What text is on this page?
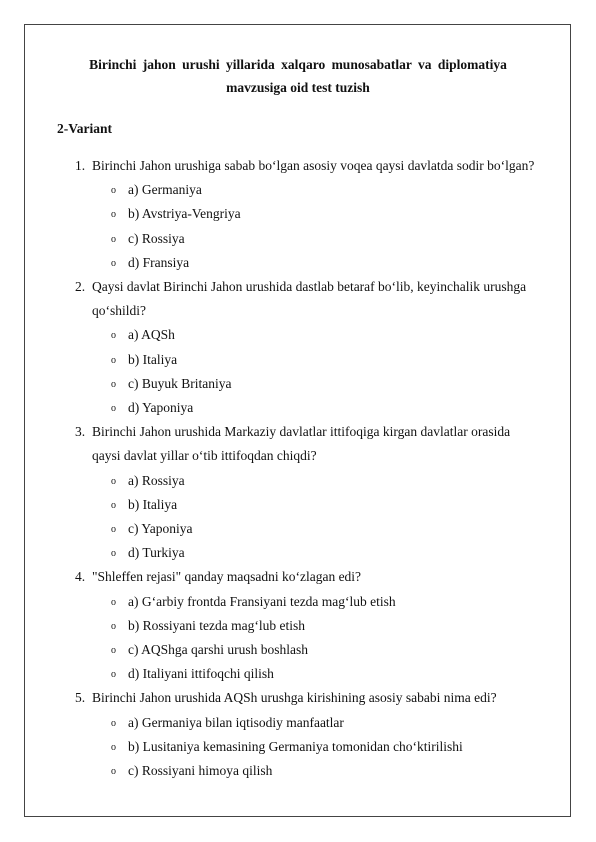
Birinchi jahon urushi yillarida xalqaro munosabatlar va diplomatiya
mavzusiga oid test tuzish
2-Variant
1. Birinchi Jahon urushiga sabab bo‘lgan asosiy voqea qaysi davlatda sodir bo‘lgan?
o a) Germaniya
o b) Avstriya-Vengriya
o c) Rossiya
o d) Fransiya
2. Qaysi davlat Birinchi Jahon urushida dastlab betaraf bo‘lib, keyinchalik urushga
qo‘shildi?
o a) AQSh
o b) Italiya
o c) Buyuk Britaniya
o d) Yaponiya
3. Birinchi Jahon urushida Markaziy davlatlar ittifoqiga kirgan davlatlar orasida
qaysi davlat yillar o‘tib ittifoqdan chiqdi?
o a) Rossiya
o b) Italiya
o c) Yaponiya
o d) Turkiya
4. "Shleffen rejasi" qanday maqsadni ko‘zlagan edi?
o a) G‘arbiy frontda Fransiyani tezda mag‘lub etish
o b) Rossiyani tezda mag‘lub etish
o c) AQShga qarshi urush boshlash
o d) Italiyani ittifoqchi qilish
5. Birinchi Jahon urushida AQSh urushga kirishining asosiy sababi nima edi?
o a) Germaniya bilan iqtisodiy manfaatlar
o b) Lusitaniya kemasining Germaniya tomonidan cho‘ktirilishi
o c) Rossiyani himoya qilish
